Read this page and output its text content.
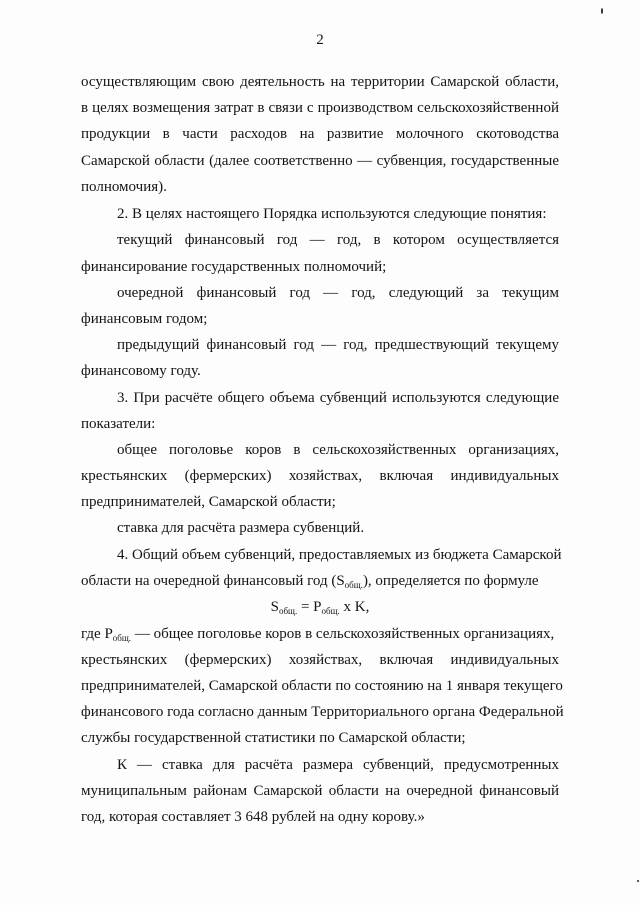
2
осуществляющим свою деятельность на территории Самарской области,
в целях возмещения затрат в связи с производством сельскохозяйственной
продукции в части расходов на развитие молочного скотоводства
Самарской области (далее соответственно — субвенция, государственные
полномочия).
2. В целях настоящего Порядка используются следующие понятия:
текущий финансовый год — год, в котором осуществляется
финансирование государственных полномочий;
очередной финансовый год — год, следующий за текущим
финансовым годом;
предыдущий финансовый год — год, предшествующий текущему
финансовому году.
3. При расчёте общего объема субвенций используются следующие
показатели:
общее поголовье коров в сельскохозяйственных организациях,
крестьянских (фермерских) хозяйствах, включая индивидуальных
предпринимателей, Самарской области;
ставка для расчёта размера субвенций.
4. Общий объем субвенций, предоставляемых из бюджета Самарской
области на очередной финансовый год $(S_{общ.})$, определяется по формуле
$S_{общ.} = P_{общ.}$ x K,
где $P_{общ.}$ — общее поголовье коров в сельскохозяйственных организациях,
крестьянских (фермерских) хозяйствах, включая индивидуальных
предпринимателей, Самарской области по состоянию на 1 января текущего
финансового года согласно данным Территориального органа Федеральной
службы государственной статистики по Самарской области;
К — ставка для расчёта размера субвенций, предусмотренных
муниципальным районам Самарской области на очередной финансовый
год, которая составляет 3 648 рублей на одну корову.»
